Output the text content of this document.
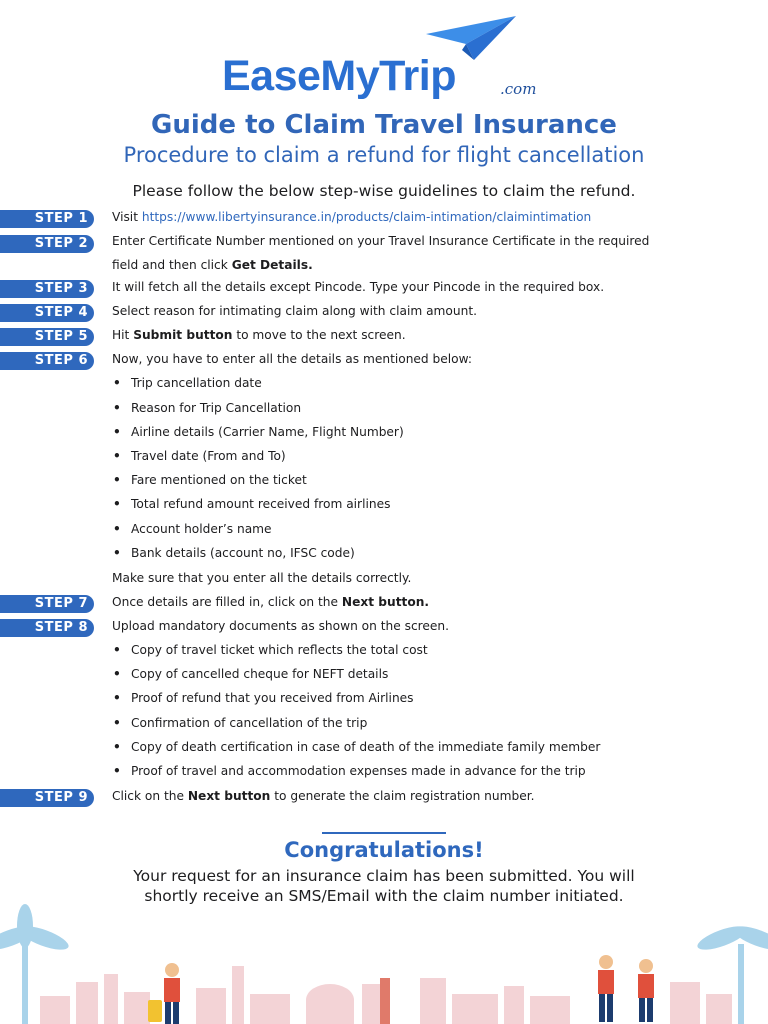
EaseMyTrip	.com
Guide to Claim Travel Insurance
Procedure to claim a refund for flight cancellation
Please follow the below step-wise guidelines to claim the refund.
STEP 1	Visit https://www.libertyinsurance.in/products/claim-intimation/claimintimation
STEP 2	Enter Certificate Number mentioned on your Travel Insurance Certificate in the required
field and then click Get Details.
STEP 3	It will fetch all the details except Pincode. Type your Pincode in the required box.
STEP 4	Select reason for intimating claim along with claim amount.
STEP 5	Hit Submit button to move to the next screen.
STEP 6	Now, you have to enter all the details as mentioned below:
• Trip cancellation date
• Reason for Trip Cancellation
• Airline details (Carrier Name, Flight Number)
• Travel date (From and To)
• Fare mentioned on the ticket
• Total refund amount received from airlines
• Account holder’s name
• Bank details (account no, IFSC code)
Make sure that you enter all the details correctly.
STEP 7	Once details are filled in, click on the Next button.
STEP 8	Upload mandatory documents as shown on the screen.
• Copy of travel ticket which reflects the total cost
• Copy of cancelled cheque for NEFT details
• Proof of refund that you received from Airlines
• Confirmation of cancellation of the trip
• Copy of death certification in case of death of the immediate family member
• Proof of travel and accommodation expenses made in advance for the trip
STEP 9	Click on the Next button to generate the claim registration number.
Congratulations!
Your request for an insurance claim has been submitted. You will
shortly receive an SMS/Email with the claim number initiated.
